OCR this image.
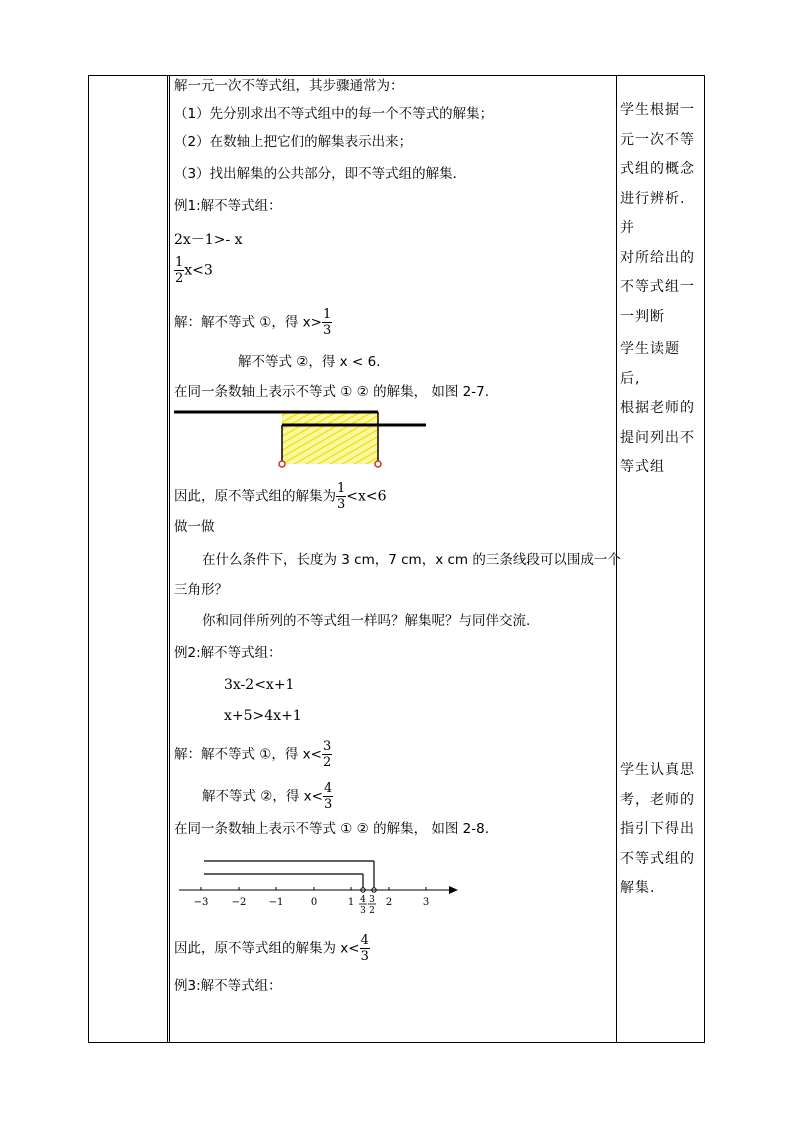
解一元一次不等式组，其步骤通常为：
（1）先分别求出不等式组中的每一个不等式的解集；
（2）在数轴上把它们的解集表示出来；
（3）找出解集的公共部分，即不等式组的解集．
例1:解不等式组：
2x－1>- x
$\frac{1}{2} x<3$
解：解不等式 ①，得 $x> \frac{1}{3}$
解不等式 ②，得 x < 6.
在同一条数轴上表示不等式 ① ② 的解集， 如图 2-7.
因此，原不等式组的解集为 $\frac{1}{3} <x<6$
做一做
在什么条件下，长度为 3 cm，7 cm，x cm 的三条线段可以围成一个
三角形？
你和同伴所列的不等式组一样吗？解集呢？与同伴交流.
例2:解不等式组：
3x-2<x+1
x+5>4x+1
解：解不等式 ①，得 $x< \frac{3}{2}$
解不等式 ②，得 $x< \frac{4}{3}$
在同一条数轴上表示不等式 ① ② 的解集， 如图 2-8.
−3 −2 −1	0	1	2	3
4
3
3
2
因此，原不等式组的解集为 $x< \frac{4}{3}$
例3:解不等式组：
学生根据一
元一次不等
式组的概念
进行辨析.并
对所给出的
不等式组一
一判断
学生读题后,
根据老师的
提问列出不
等式组
学生认真思
考，老师的
指引下得出
不等式组的
解集.
